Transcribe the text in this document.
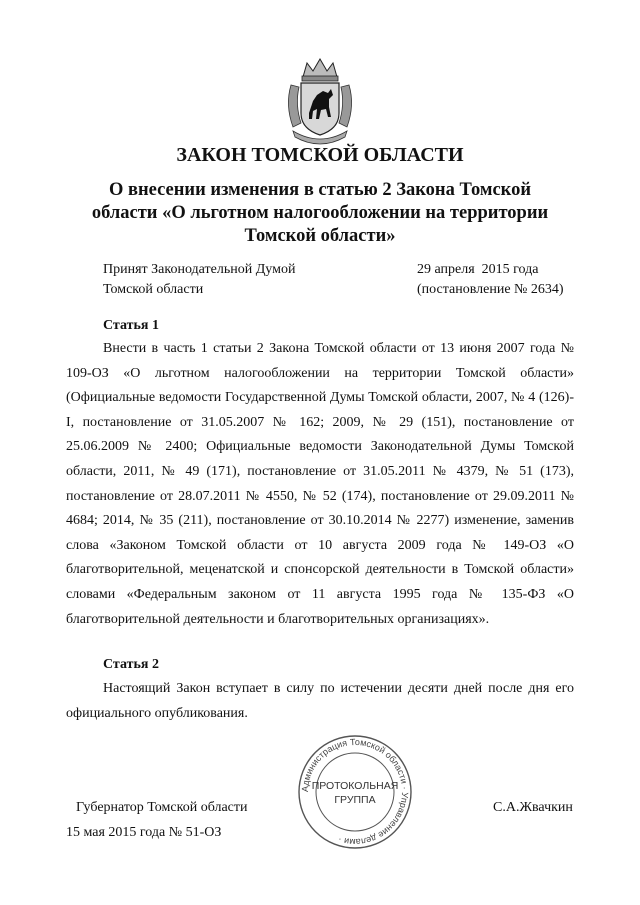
ЗАКОН ТОМСКОЙ ОБЛАСТИ
О внесении изменения в статью 2 Закона Томской области «О льготном налогообложении на территории Томской области»
Принят Законодательной Думой
Томской области
29 апреля  2015 года
(постановление № 2634)
Статья 1

Внести в часть 1 статьи 2 Закона Томской области от 13 июня 2007 года № 109-ОЗ «О льготном налогообложении на территории Томской области» (Официальные ведомости Государственной Думы Томской области, 2007, № 4 (126)-I, постановление от 31.05.2007 № 162; 2009, № 29 (151), постановление от 25.06.2009 № 2400; Официальные ведомости Законодательной Думы Томской области, 2011, № 49 (171), постановление от 31.05.2011 № 4379, № 51 (173), постановление от 28.07.2011 № 4550, № 52 (174), постановление от 29.09.2011 № 4684; 2014, № 35 (211), постановление от 30.10.2014 № 2277) изменение, заменив слова «Законом Томской области от 10 августа 2009 года № 149-ОЗ «О благотворительной, меценатской и спонсорской деятельности в Томской области» словами «Федеральным законом от 11 августа 1995 года № 135-ФЗ «О благотворительной деятельности и благотворительных организациях».

Статья 2

Настоящий Закон вступает в силу по истечении десяти дней после дня его официального опубликования.

Администрация Томской области · Управление делами ·
ПРОТОКОЛЬНАЯ
ГРУППА
Губернатор Томской области	С.А.Жвачкин
15 мая 2015 года № 51-ОЗ
